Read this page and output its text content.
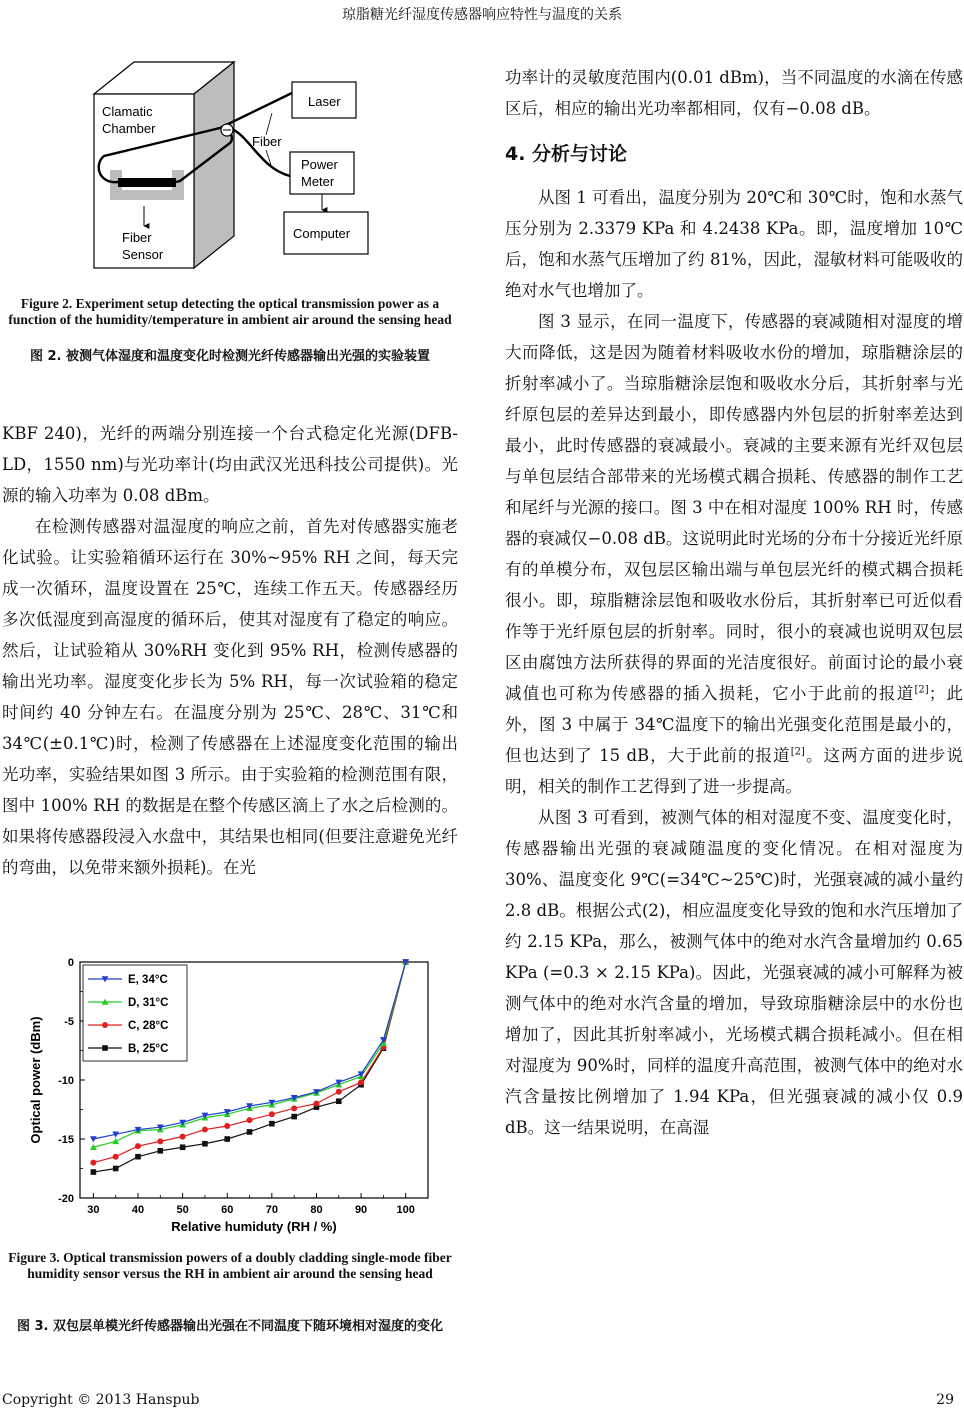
琼脂糖光纤湿度传感器响应特性与温度的关系
Clamatic
Chamber
Fiber
Laser
Power
Meter
Computer
Fiber
Sensor
Figure 2. Experiment setup detecting the optical transmission power as a function of the humidity/temperature in ambient air around the sensing head
图 2. 被测气体湿度和温度变化时检测光纤传感器输出光强的实验装置

KBF 240)，光纤的两端分别连接一个台式稳定化光源(DFB-LD，1550 nm)与光功率计(均由武汉光迅科技公司提供)。光源的输入功率为 0.08 dBm。

在检测传感器对温湿度的响应之前，首先对传感器实施老化试验。让实验箱循环运行在 30%~95% RH 之间，每天完成一次循环，温度设置在 25℃，连续工作五天。传感器经历多次低湿度到高湿度的循环后，使其对湿度有了稳定的响应。然后，让试验箱从 30%RH 变化到 95% RH，检测传感器的输出光功率。湿度变化步长为 5% RH，每一次试验箱的稳定时间约 40 分钟左右。在温度分别为 25℃、28℃、31℃和 34℃(±0.1℃)时，检测了传感器在上述湿度变化范围的输出光功率，实验结果如图 3 所示。由于实验箱的检测范围有限，图中 100% RH 的数据是在整个传感区滴上了水之后检测的。如果将传感器段浸入水盘中，其结果也相同(但要注意避免光纤的弯曲，以免带来额外损耗)。在光

30	40	50	60	70	80	90	100
0
-5
-10
-15
-20
Relative humiduty (RH / %)
Optical power (dBm)
E, 34°C
D, 31°C
C, 28°C
B, 25°C
Figure 3. Optical transmission powers of a doubly cladding single-mode fiber humidity sensor versus the RH in ambient air around the sensing head
图 3. 双包层单模光纤传感器输出光强在不同温度下随环境相对湿度的变化

功率计的灵敏度范围内(0.01 dBm)，当不同温度的水滴在传感区后，相应的输出光功率都相同，仅有−0.08 dB。

4. 分析与讨论

从图 1 可看出，温度分别为 20℃和 30℃时，饱和水蒸气压分别为 2.3379 KPa 和 4.2438 KPa。即，温度增加 10℃后，饱和水蒸气压增加了约 81%，因此，湿敏材料可能吸收的绝对水气也增加了。

图 3 显示，在同一温度下，传感器的衰减随相对湿度的增大而降低，这是因为随着材料吸收水份的增加，琼脂糖涂层的折射率减小了。当琼脂糖涂层饱和吸收水分后，其折射率与光纤原包层的差异达到最小，即传感器内外包层的折射率差达到最小，此时传感器的衰减最小。衰减的主要来源有光纤双包层与单包层结合部带来的光场模式耦合损耗、传感器的制作工艺和尾纤与光源的接口。图 3 中在相对湿度 100% RH 时，传感器的衰减仅−0.08 dB。这说明此时光场的分布十分接近光纤原有的单模分布，双包层区输出端与单包层光纤的模式耦合损耗很小。即，琼脂糖涂层饱和吸收水份后，其折射率已可近似看作等于光纤原包层的折射率。同时，很小的衰减也说明双包层区由腐蚀方法所获得的界面的光洁度很好。前面讨论的最小衰减值也可称为传感器的插入损耗，它小于此前的报道[2]；此外，图 3 中属于 34℃温度下的输出光强变化范围是最小的，但也达到了 15 dB，大于此前的报道[2]。这两方面的进步说明，相关的制作工艺得到了进一步提高。

从图 3 可看到，被测气体的相对湿度不变、温度变化时，传感器输出光强的衰减随温度的变化情况。在相对湿度为 30%、温度变化 9℃(=34℃~25℃)时，光强衰减的减小量约 2.8 dB。根据公式(2)，相应温度变化导致的饱和水汽压增加了约 2.15 KPa，那么，被测气体中的绝对水汽含量增加约 0.65 KPa (=0.3 × 2.15 KPa)。因此，光强衰减的减小可解释为被测气体中的绝对水汽含量的增加，导致琼脂糖涂层中的水份也增加了，因此其折射率减小，光场模式耦合损耗减小。但在相对湿度为 90%时，同样的温度升高范围，被测气体中的绝对水汽含量按比例增加了 1.94 KPa，但光强衰减的减小仅 0.9 dB。这一结果说明，在高湿

Copyright © 2013 Hanspub	29
